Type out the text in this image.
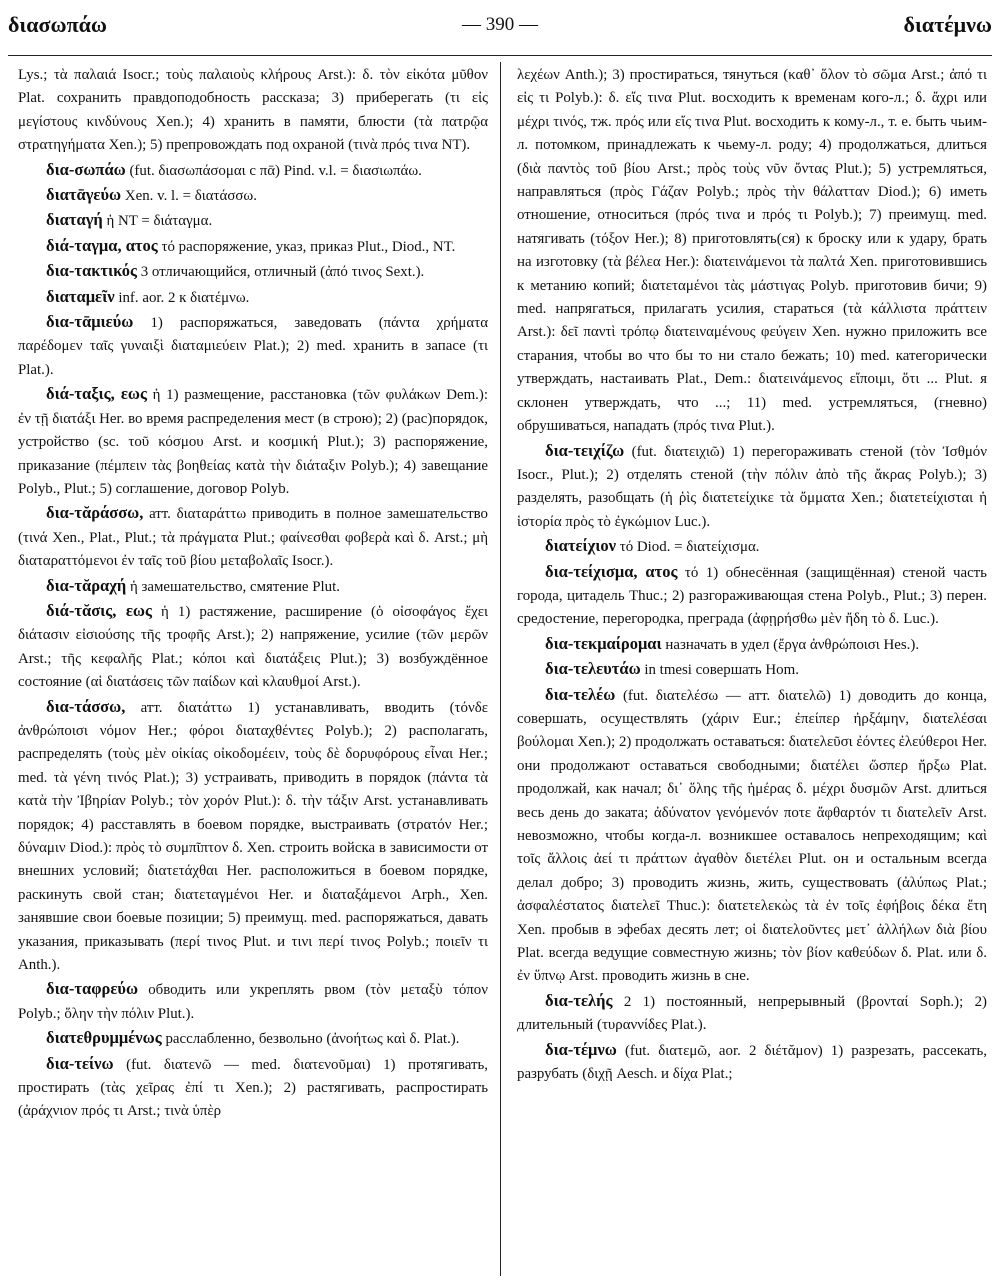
διασωπάω	— 390 —	διατέμνω

Lys.; τὰ παλαιά Isocr.; τοὺς παλαιοὺς κλήρους Arst.): δ. τὸν εἰκότα μῦθον Plat. сохранить правдоподобность рассказа; 3) приберегать (τι εἰς μεγίστους κινδύνους Xen.); 4) хранить в памяти, блюсти (τὰ πατρῷα στρατηγήματα Xen.); 5) препровождать под охраной (τινὰ πρός τινα NT).

δια-σωπάω (fut. διασωπάσομαι с πᾱ) Pind. v.l. = διασιωπάω.

διατᾱγεύω Xen. v. l. = διατάσσω.

διαταγή ἡ NT = διάταγμα.

διά-ταγμα, ατος τό распоряжение, указ, приказ Plut., Diod., NT.

δια-τακτικός 3 отличающийся, отличный (ἀπό τινος Sext.).

διαταμεῖν inf. aor. 2 к διατέμνω.

δια-τᾱμιεύω 1) распоряжаться, заведовать (πάντα χρήματα παρέδομεν ταῖς γυναιξὶ διαταμιεύειν Plat.); 2) med. хранить в запасе (τι Plat.).

διά-ταξις, εως ἡ 1) размещение, расстановка (τῶν φυλάκων Dem.): ἐν τῇ διατάξι Her. во время распределения мест (в строю); 2) (рас)порядок, устройство (sc. τοῦ κόσμου Arst. и κοσμική Plut.); 3) распоряжение, приказание (πέμπειν τὰς βοηθείας κατὰ τὴν διάταξιν Polyb.); 4) завещание Polyb., Plut.; 5) соглашение, договор Polyb.

δια-τᾰράσσω, атт. διαταράττω приводить в полное замешательство (τινά Xen., Plat., Plut.; τὰ πράγματα Plut.; φαίνεσθαι φοβερὰ καὶ δ. Arst.; μὴ διαταραττόμενοι ἐν ταῖς τοῦ βίου μεταβολαῖς Isocr.).

δια-τᾰραχή ἡ замешательство, смятение Plut.

διά-τᾰσις, εως ἡ 1) растяжение, расширение (ὁ οἰσοφάγος ἔχει διάτασιν εἰσιούσης τῆς τροφῆς Arst.); 2) напряжение, усилие (τῶν μερῶν Arst.; τῆς κεφαλῆς Plat.; κόποι καὶ διατάξεις Plut.); 3) возбуждённое состояние (αἱ διατάσεις τῶν παίδων καὶ κλαυθμοί Arst.).

δια-τάσσω, атт. διατάττω 1) устанавливать, вводить (τόνδε ἀνθρώποισι νόμον Her.; φόροι διαταχθέντες Polyb.); 2) располагать, распределять (τοὺς μὲν οἰκίας οἰκοδομέειν, τοὺς δὲ δορυφόρους εἶναι Her.; med. τὰ γένη τινός Plat.); 3) устраивать, приводить в порядок (πάντα τὰ κατὰ τὴν Ἰβηρίαν Polyb.; τὸν χορόν Plut.): δ. τὴν τάξιν Arst. устанавливать порядок; 4) расставлять в боевом порядке, выстраивать (στρατόν Her.; δύναμιν Diod.): πρὸς τὸ συμπῖπτον δ. Xen. строить войска в зависимости от внешних условий; διατετάχθαι Her. расположиться в боевом порядке, раскинуть свой стан; διατεταγμένοι Her. и διαταξάμενοι Arph., Xen. занявшие свои боевые позиции; 5) преимущ. med. распоряжаться, давать указания, приказывать (περί τινος Plut. и τινι περί τινος Polyb.; ποιεῖν τι Anth.).

δια-ταφρεύω обводить или укреплять рвом (τὸν μεταξὺ τόπον Polyb.; ὅλην τὴν πόλιν Plut.).

διατεθρυμμένως расслабленно, безвольно (ἀνοήτως καὶ δ. Plat.).

δια-τείνω (fut. διατενῶ — med. διατενοῦμαι) 1) протягивать, простирать (τὰς χεῖρας ἐπί τι Xen.); 2) растягивать, распростирать (ἀράχνιον πρός τι Arst.; τινὰ ὑπὲρ

λεχέων Anth.); 3) простираться, тянуться (καθ᾽ ὅλον τὸ σῶμα Arst.; ἀπό τι εἰς τι Polyb.): δ. εἴς τινα Plut. восходить к временам кого-л.; δ. ἄχρι или μέχρι τινός, тж. πρός или εἴς τινα Plut. восходить к кому-л., т. е. быть чьим-л. потомком, принадлежать к чьему-л. роду; 4) продолжаться, длиться (διὰ παντὸς τοῦ βίου Arst.; πρὸς τοὺς νῦν ὄντας Plut.); 5) устремляться, направляться (πρὸς Γάζαν Polyb.; πρὸς τὴν θάλατταν Diod.); 6) иметь отношение, относиться (πρός τινα и πρός τι Polyb.); 7) преимущ. med. натягивать (τόξον Her.); 8) приготовлять(ся) к броску или к удару, брать на изготовку (τὰ βέλεα Her.): διατεινάμενοι τὰ παλτά Xen. приготовившись к метанию копий; διατεταμένοι τὰς μάστιγας Polyb. приготовив бичи; 9) med. напрягаться, прилагать усилия, стараться (τὰ κάλλιστα πράττειν Arst.): δεῖ παντὶ τρόπῳ διατειναμένους φεύγειν Xen. нужно приложить все старания, чтобы во что бы то ни стало бежать; 10) med. категорически утверждать, настаивать Plat., Dem.: διατεινάμενος εἴποιμι, ὅτι ... Plut. я склонен утверждать, что ...; 11) med. устремляться, (гневно) обрушиваться, нападать (πρός τινα Plut.).

δια-τειχίζω (fut. διατειχιῶ) 1) перегораживать стеной (τὸν Ἰσθμόν Isocr., Plut.); 2) отделять стеной (τὴν πόλιν ἀπὸ τῆς ἄκρας Polyb.); 3) разделять, разобщать (ἡ ῥὶς διατετείχικε τὰ ὄμματα Xen.; διατετείχισται ἡ ἱστορία πρὸς τὸ ἐγκώμιον Luc.).

διατείχιον τό Diod. = διατείχισμα.

δια-τείχισμα, ατος τό 1) обнесённая (защищённая) стеной часть города, цитадель Thuc.; 2) разгораживающая стена Polyb., Plut.; 3) перен. средостение, перегородка, преграда (ἀφῃρήσθω μὲν ἤδη τὸ δ. Luc.).

δια-τεκμαίρομαι назначать в удел (ἔργα ἀνθρώποισι Hes.).

δια-τελευτάω in tmesi совершать Hom.

δια-τελέω (fut. διατελέσω — атт. διατελῶ) 1) доводить до конца, совершать, осуществлять (χάριν Eur.; ἐπείπερ ἠρξάμην, διατελέσαι βούλομαι Xen.); 2) продолжать оставаться: διατελεῦσι ἐόντες ἐλεύθεροι Her. они продолжают оставаться свободными; διατέλει ὥσπερ ἤρξω Plat. продолжай, как начал; δι᾽ ὅλης τῆς ἡμέρας δ. μέχρι δυσμῶν Arst. длиться весь день до заката; ἀδύνατον γενόμενόν ποτε ἄφθαρτόν τι διατελεῖν Arst. невозможно, чтобы когда-л. возникшее оставалось непреходящим; καὶ τοῖς ἄλλοις ἀεί τι πράττων ἀγαθὸν διετέλει Plut. он и остальным всегда делал добро; 3) проводить жизнь, жить, существовать (ἀλύπως Plat.; ἀσφαλέστατος διατελεῖ Thuc.): διατετελεκὼς τὰ ἐν τοῖς ἐφήβοις δέκα ἔτη Xen. пробыв в эфебах десять лет; οἱ διατελοῦντες μετ᾽ ἀλλήλων διὰ βίου Plat. всегда ведущие совместную жизнь; τὸν βίον καθεύδων δ. Plat. или δ. ἐν ὕπνῳ Arst. проводить жизнь в сне.

δια-τελής 2 1) постоянный, непрерывный (βρονταί Soph.); 2) длительный (τυραννίδες Plat.).

δια-τέμνω (fut. διατεμῶ, aor. 2 διέτᾰμον) 1) разрезать, рассекать, разрубать (διχῇ Aesch. и δίχα Plat.;
